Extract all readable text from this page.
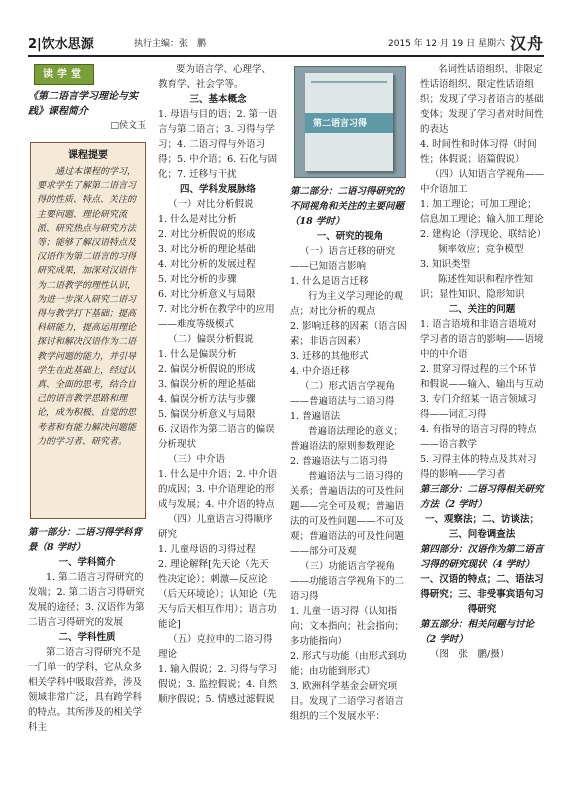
2|饮水思源	执行主编：张　鹏	2015 年 12 月 19 日 星期六 汉舟
读学堂

《第二语言学习理论与实践》课程简介

□侯文玉

课程提要

通过本课程的学习，要求学生了解第二语言习得的性质、特点、关注的主要问题、理论研究流派、研究热点与研究方法等；能够了解汉语特点及汉语作为第二语言的习得研究成果，加深对汉语作为二语教学的理性认识，为进一步深入研究二语习得与教学打下基础；提高科研能力，提高运用理论探讨和解决汉语作为二语教学问题的能力，并引导学生在此基础上，经过认真、全面的思考，结合自己的语言教学思路和理论，成为积极、自觉的思考者和有能力解决问题能力的学习者、研究者。

第一部分：二语习得学科背景（8 学时）

一、学科简介

1. 第二语言习得研究的发端；2. 第二语言习得研究发展的途径；3. 汉语作为第二语言习得研究的发展

二、学科性质

第二语言习得研究不是一门单一的学科，它从众多相关学科中吸取营养，涉及领域非常广泛，具有跨学科的特点。其所涉及的相关学科主

要为语言学、心理学、教育学、社会学等。

三、基本概念

1. 母语与目的语；2. 第一语言与第二语言；3. 习得与学习；4. 二语习得与外语习得；5. 中介语；6. 石化与固化；7. 迁移与干扰

四、学科发展脉络

（一）对比分析假说

1. 什么是对比分析

2. 对比分析假说的形成

3. 对比分析的理论基础

4. 对比分析的发展过程

5. 对比分析的步骤

6. 对比分析意义与局限

7. 对比分析在教学中的应用——难度等级模式

（二）偏误分析假说

1. 什么是偏误分析

2. 偏误分析假说的形成

3. 偏误分析的理论基础

4. 偏误分析方法与步骤

5. 偏误分析意义与局限

6. 汉语作为第二语言的偏误分析现状

（三）中介语

1. 什么是中介语；2. 中介语的成因；3. 中介语理论的形成与发展；4. 中介语的特点

（四）儿童语言习得顺序研究

1. 儿童母语的习得过程

2. 理论解释[先天论（先天性决定论）；刺激—反应论（后天环境论）；认知论（先天与后天相互作用）；语言功能论]

（五）克拉申的二语习得理论

1. 输入假说；2. 习得与学习假说；3. 监控假说；4. 自然顺序假说；5. 情感过滤假说

第二语言习得

第二部分：二语习得研究的不同视角和关注的主要问题（18 学时）

一、研究的视角

（一）语言迁移的研究——已知语言影响

1. 什么是语言迁移

行为主义学习理论的观点；对比分析的观点

2. 影响迁移的因素（语言因素；非语言因素）

3. 迁移的其他形式

4. 中介语迁移

（二）形式语言学视角——普遍语法与二语习得

1. 普遍语法

普遍语法理论的意义；普遍语法的原则参数理论

2. 普遍语法与二语习得

普遍语法与二语习得的关系；普遍语法的可及性问题——完全可及观；普遍语法的可及性问题——不可及观；普遍语法的可及性问题——部分可及观

（三）功能语言学视角——功能语言学视角下的二语习得

1. 儿童一语习得（认知指向；文本指向；社会指向；多功能指向）

2. 形式与功能（由形式到功能；由功能到形式）

3. 欧洲科学基金会研究项目。发现了二语学习者语言组织的三个发展水平：

名词性话语组织、非限定性话语组织、限定性话语组织；发现了学习者语言的基础变体；发现了学习者对时间性的表达

4. 时间性和时体习得（时间性；体假说；语篇假说）

（四）认知语言学视角——中介语加工

1. 加工理论；可加工理论；信息加工理论；输入加工理论

2. 建构论（浮现论、联结论）

频率效应；竞争模型

3. 知识类型

陈述性知识和程序性知识；显性知识、隐形知识

二、关注的问题

1. 语言语境和非语言语境对学习者的语言的影响——语境中的中介语

2. 贯穿习得过程的三个环节和假说——输入、输出与互动

3. 专门介绍某一语言领域习得——词汇习得

4. 有指导的语言习得的特点——语言教学

5. 习得主体的特点及其对习得的影响——学习者

第三部分：二语习得相关研究方法（2 学时）

一、观察法；二、访谈法；三、问卷调查法

第四部分：汉语作为第二语言习得的研究现状（4 学时）

一、汉语的特点；二、语法习得研究；三、非受事宾语句习得研究

第五部分：相关问题与讨论（2 学时）

（图　张　鹏/摄）
